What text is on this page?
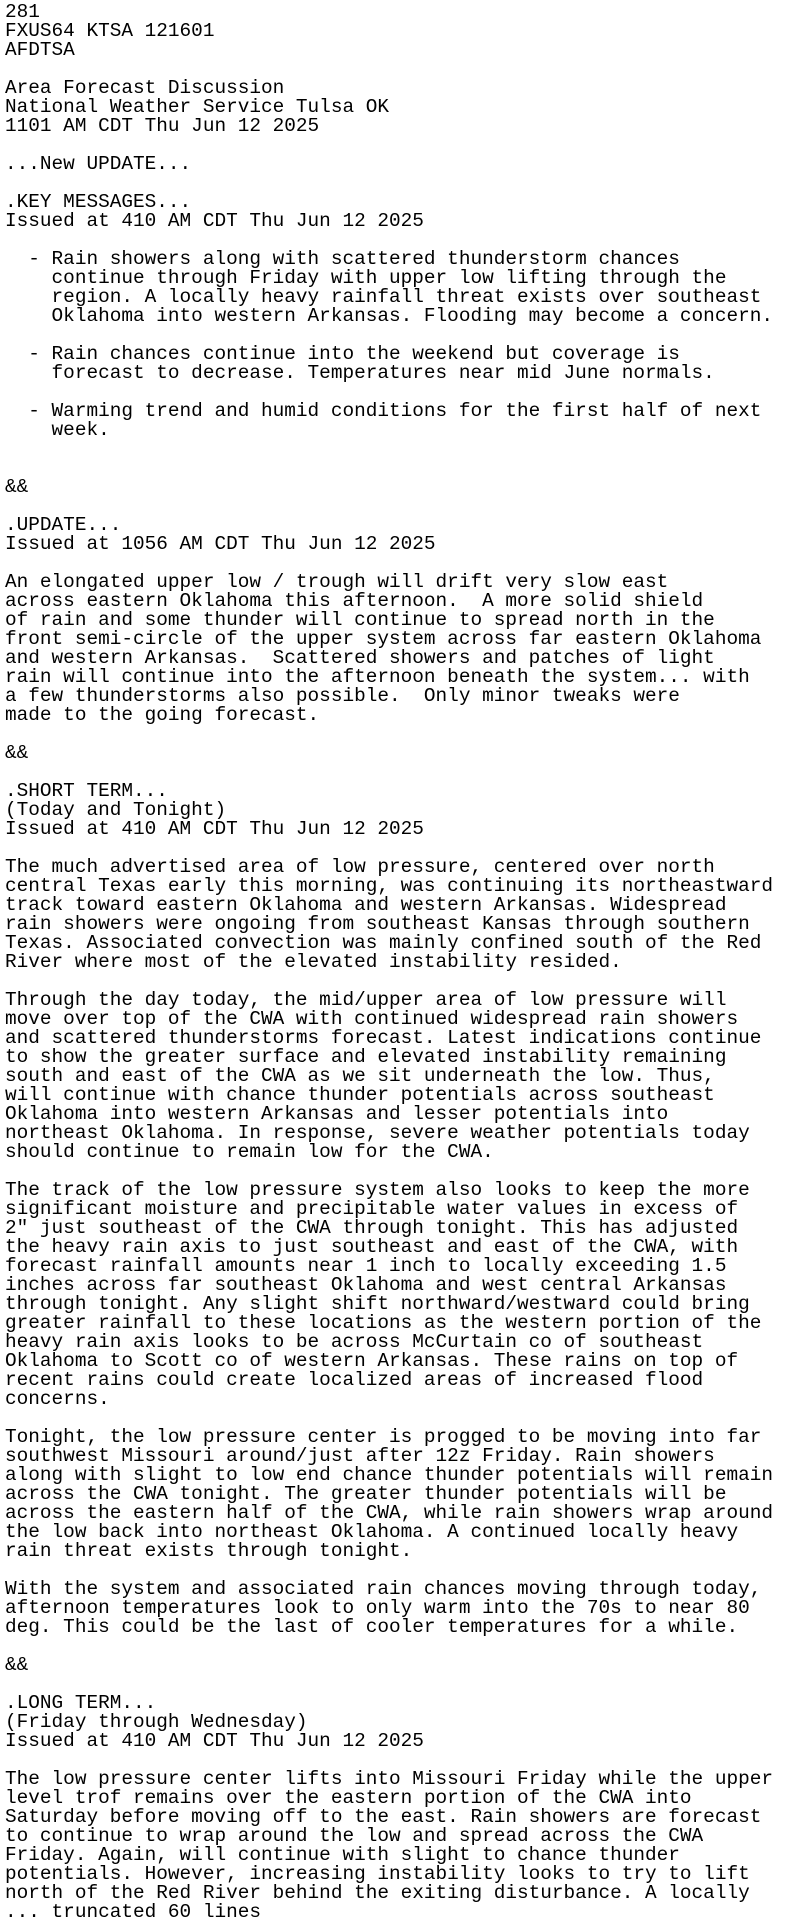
281
FXUS64 KTSA 121601
AFDTSA
Area Forecast Discussion
National Weather Service Tulsa OK
1101 AM CDT Thu Jun 12 2025
...New UPDATE...
.KEY MESSAGES...
Issued at 410 AM CDT Thu Jun 12 2025
- Rain showers along with scattered thunderstorm chances
continue through Friday with upper low lifting through the
region. A locally heavy rainfall threat exists over southeast
Oklahoma into western Arkansas. Flooding may become a concern.
- Rain chances continue into the weekend but coverage is
forecast to decrease. Temperatures near mid June normals.
- Warming trend and humid conditions for the first half of next
week.
&&
.UPDATE...
Issued at 1056 AM CDT Thu Jun 12 2025
An elongated upper low / trough will drift very slow east
across eastern Oklahoma this afternoon.  A more solid shield
of rain and some thunder will continue to spread north in the
front semi-circle of the upper system across far eastern Oklahoma
and western Arkansas.  Scattered showers and patches of light
rain will continue into the afternoon beneath the system... with
a few thunderstorms also possible.  Only minor tweaks were
made to the going forecast.
&&
.SHORT TERM...
(Today and Tonight)
Issued at 410 AM CDT Thu Jun 12 2025
The much advertised area of low pressure, centered over north
central Texas early this morning, was continuing its northeastward
track toward eastern Oklahoma and western Arkansas. Widespread
rain showers were ongoing from southeast Kansas through southern
Texas. Associated convection was mainly confined south of the Red
River where most of the elevated instability resided.
Through the day today, the mid/upper area of low pressure will
move over top of the CWA with continued widespread rain showers
and scattered thunderstorms forecast. Latest indications continue
to show the greater surface and elevated instability remaining
south and east of the CWA as we sit underneath the low. Thus,
will continue with chance thunder potentials across southeast
Oklahoma into western Arkansas and lesser potentials into
northeast Oklahoma. In response, severe weather potentials today
should continue to remain low for the CWA.
The track of the low pressure system also looks to keep the more
significant moisture and precipitable water values in excess of
2" just southeast of the CWA through tonight. This has adjusted
the heavy rain axis to just southeast and east of the CWA, with
forecast rainfall amounts near 1 inch to locally exceeding 1.5
inches across far southeast Oklahoma and west central Arkansas
through tonight. Any slight shift northward/westward could bring
greater rainfall to these locations as the western portion of the
heavy rain axis looks to be across McCurtain co of southeast
Oklahoma to Scott co of western Arkansas. These rains on top of
recent rains could create localized areas of increased flood
concerns.
Tonight, the low pressure center is progged to be moving into far
southwest Missouri around/just after 12z Friday. Rain showers
along with slight to low end chance thunder potentials will remain
across the CWA tonight. The greater thunder potentials will be
across the eastern half of the CWA, while rain showers wrap around
the low back into northeast Oklahoma. A continued locally heavy
rain threat exists through tonight.
With the system and associated rain chances moving through today,
afternoon temperatures look to only warm into the 70s to near 80
deg. This could be the last of cooler temperatures for a while.
&&
.LONG TERM...
(Friday through Wednesday)
Issued at 410 AM CDT Thu Jun 12 2025
The low pressure center lifts into Missouri Friday while the upper
level trof remains over the eastern portion of the CWA into
Saturday before moving off to the east. Rain showers are forecast
to continue to wrap around the low and spread across the CWA
Friday. Again, will continue with slight to chance thunder
potentials. However, increasing instability looks to try to lift
north of the Red River behind the exiting disturbance. A locally
... truncated 60 lines
